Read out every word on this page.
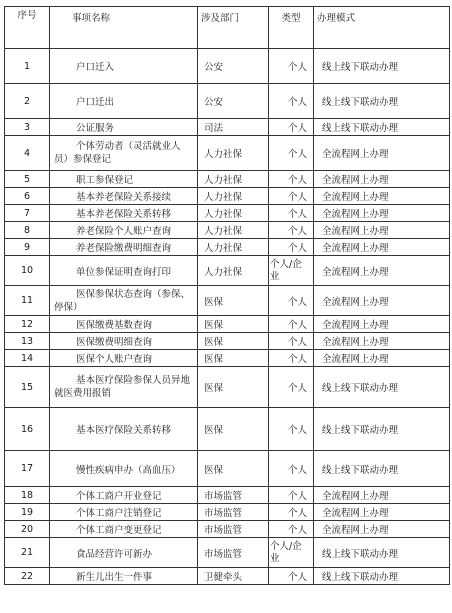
序号	事项名称	涉及部门	类型	办理模式
1	户口迁入	公安	个人	线上线下联动办理
2	户口迁出	公安	个人	线上线下联动办理
3	公证服务	司法	个人	线上线下联动办理
4	个体劳动者（灵活就业人员）参保登记	人力社保	个人	全流程网上办理
5	职工参保登记	人力社保	个人	全流程网上办理
6	基本养老保险关系接续	人力社保	个人	全流程网上办理
7	基本养老保险关系转移	人力社保	个人	全流程网上办理
8	养老保险个人账户查询	人力社保	个人	全流程网上办理
9	养老保险缴费明细查询	人力社保	个人	全流程网上办理
10	单位参保证明查询打印	人力社保	个人/企业	全流程网上办理
11	医保参保状态查询（参保、停保）	医保	个人	全流程网上办理
12	医保缴费基数查询	医保	个人	全流程网上办理
13	医保缴费明细查询	医保	个人	全流程网上办理
14	医保个人账户查询	医保	个人	全流程网上办理
15	基本医疗保险参保人员异地就医费用报销	医保	个人	线上线下联动办理
16	基本医疗保险关系转移	医保	个人	线上线下联动办理
17	慢性疾病申办（高血压）	医保	个人	线上线下联动办理
18	个体工商户开业登记	市场监管	个人	全流程网上办理
19	个体工商户注销登记	市场监管	个人	全流程网上办理
20	个体工商户变更登记	市场监管	个人	全流程网上办理
21	食品经营许可新办	市场监管	个人/企业	线上线下联动办理
22	新生儿出生一件事	卫健牵头	个人	线上线下联动办理
